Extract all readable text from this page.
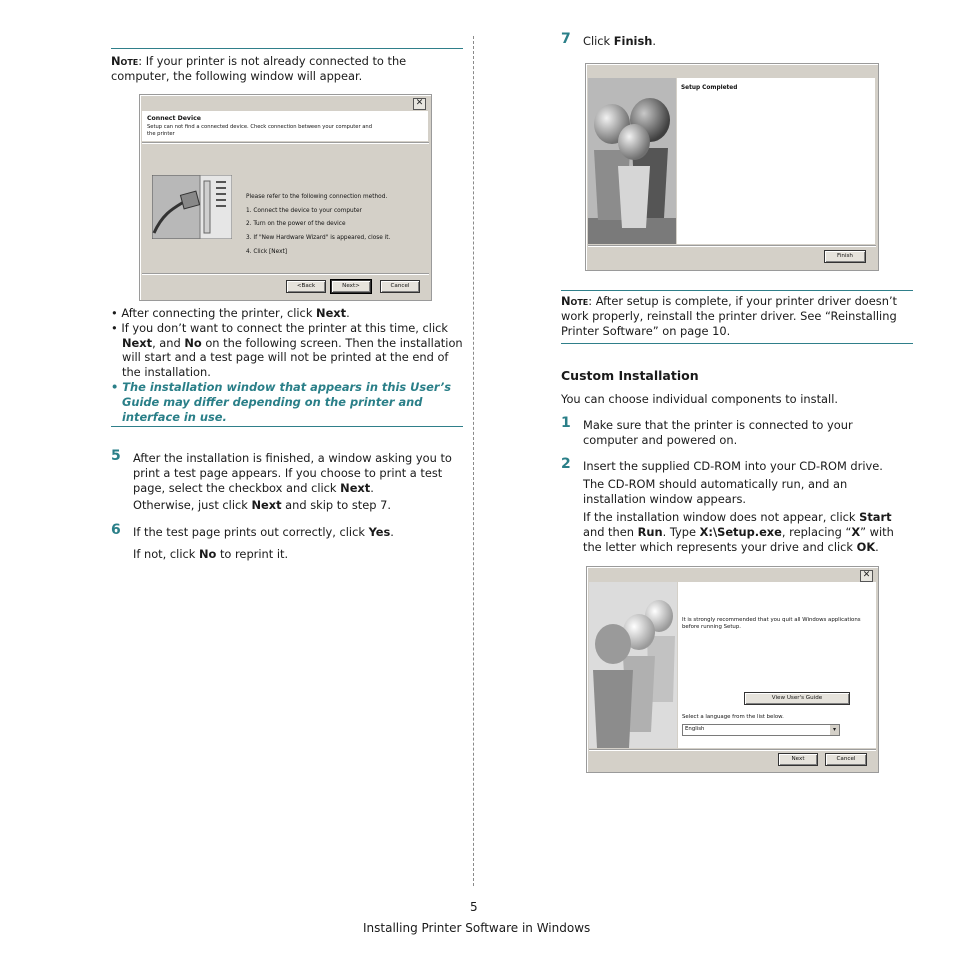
Note: If your printer is not already connected to the computer, the following window will appear.
✕
Connect Device
Setup can not find a connected device. Check connection between your computer and the printer
Please refer to the following connection method.
1. Connect the device to your computer
2. Turn on the power of the device
3. If "New Hardware Wizard" is appeared, close it.
4. Click [Next]
<Back	Next>	Cancel
• After connecting the printer, click Next.
• If you don’t want to connect the printer at this time, click Next, and No on the following screen. Then the installation will start and a test page will not be printed at the end of the installation.
• The installation window that appears in this User’s Guide may differ depending on the printer and interface in use.
5 After the installation is finished, a window asking you to print a test page appears. If you choose to print a test page, select the checkbox and click Next.
Otherwise, just click Next and skip to step 7.
6 If the test page prints out correctly, click Yes.
If not, click No to reprint it.
7 Click Finish.
Setup Completed
Finish
Note: After setup is complete, if your printer driver doesn’t work properly, reinstall the printer driver. See “Reinstalling Printer Software” on page 10.
Custom Installation
You can choose individual components to install.
1 Make sure that the printer is connected to your computer and powered on.
2 Insert the supplied CD-ROM into your CD-ROM drive.
The CD-ROM should automatically run, and an installation window appears.
If the installation window does not appear, click Start and then Run. Type X:\Setup.exe, replacing “X” with the letter which represents your drive and click OK.
✕
It is strongly recommended that you quit all Windows applications before running Setup.
View User's Guide
Select a language from the list below.
English	▾
Next	Cancel
5
Installing Printer Software in Windows
